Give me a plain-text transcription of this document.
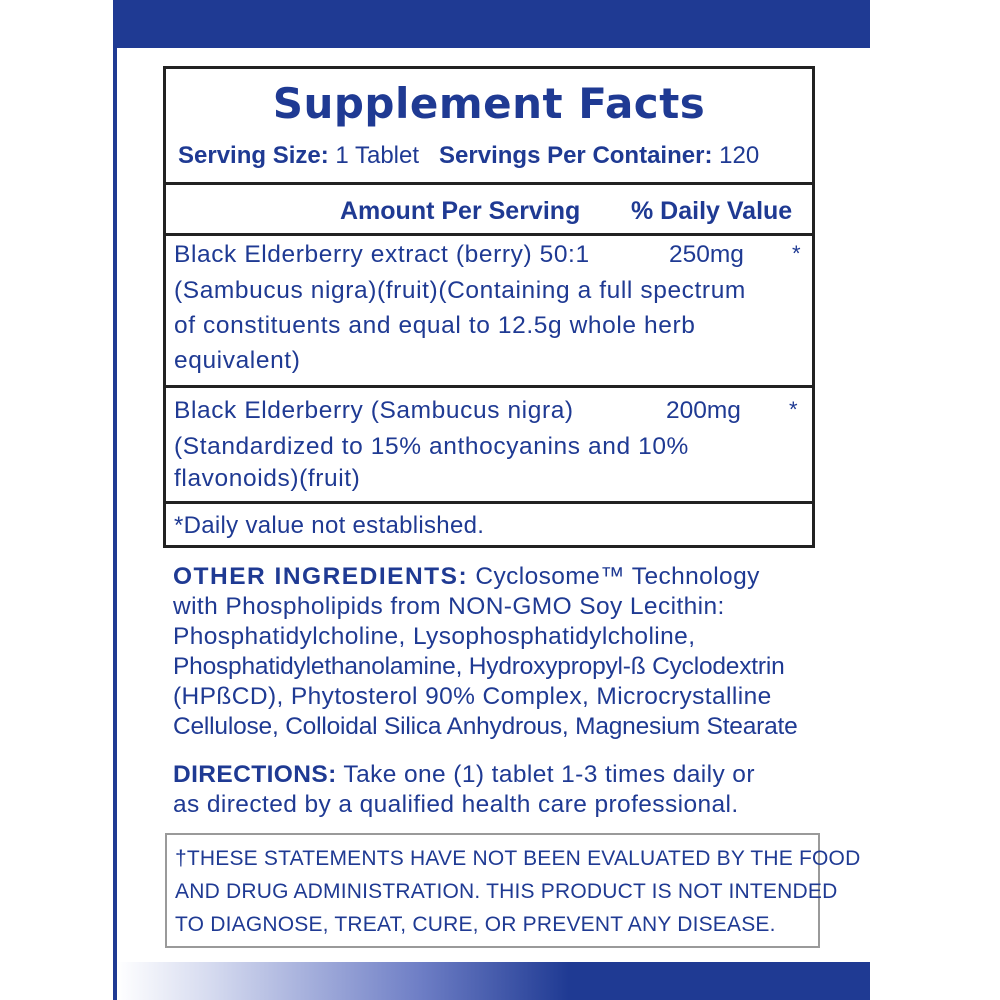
Supplement Facts
Serving Size: 1 Tablet Servings Per Container: 120
Amount Per Serving % Daily Value
Black Elderberry extract (berry) 50:1	250mg *
(Sambucus nigra)(fruit)(Containing a full spectrum
of constituents and equal to 12.5g whole herb
equivalent)
Black Elderberry (Sambucus nigra)	200mg *
(Standardized to 15% anthocyanins and 10%
flavonoids)(fruit)
*Daily value not established.
OTHER INGREDIENTS: Cyclosome™ Technology
with Phospholipids from NON-GMO Soy Lecithin:
Phosphatidylcholine, Lysophosphatidylcholine,
Phosphatidylethanolamine, Hydroxypropyl-ß Cyclodextrin
(HPßCD), Phytosterol 90% Complex, Microcrystalline
Cellulose, Colloidal Silica Anhydrous, Magnesium Stearate
DIRECTIONS: Take one (1) tablet 1-3 times daily or
as directed by a qualified health care professional.
†THESE STATEMENTS HAVE NOT BEEN EVALUATED BY THE FOOD
AND DRUG ADMINISTRATION. THIS PRODUCT IS NOT INTENDED
TO DIAGNOSE, TREAT, CURE, OR PREVENT ANY DISEASE.
